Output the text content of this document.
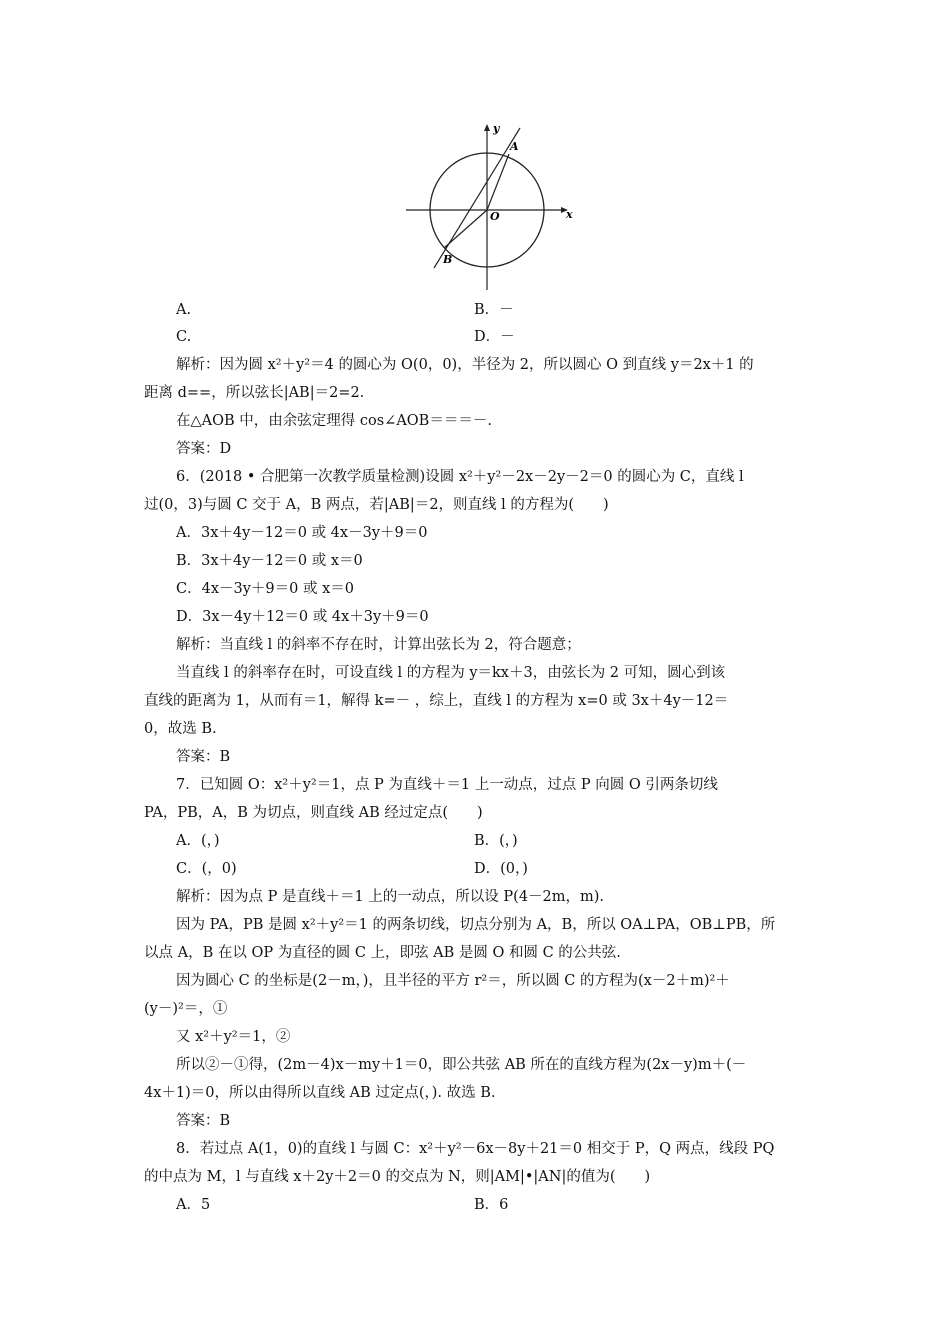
y
x
O
A
B
A.	B．－
C.	D．－
解析：因为圆 x²＋y²＝4 的圆心为 O(0，0)，半径为 2，所以圆心 O 到直线 y＝2x＋1 的
距离 d==，所以弦长|AB|＝2=2.
在△AOB 中，由余弦定理得 cos∠AOB＝＝＝－.
答案：D
6．(2018 • 合肥第一次教学质量检测)设圆 x²＋y²－2x－2y－2＝0 的圆心为 C，直线 l
过(0，3)与圆 C 交于 A，B 两点，若|AB|＝2，则直线 l 的方程为(　　)
A．3x＋4y－12＝0 或 4x－3y＋9＝0
B．3x＋4y－12＝0 或 x＝0
C．4x－3y＋9＝0 或 x＝0
D．3x－4y＋12＝0 或 4x＋3y＋9＝0
解析：当直线 l 的斜率不存在时，计算出弦长为 2，符合题意；
当直线 l 的斜率存在时，可设直线 l 的方程为 y＝kx＋3，由弦长为 2 可知，圆心到该
直线的距离为 1，从而有＝1，解得 k=－ ，综上，直线 l 的方程为 x=0 或 3x＋4y－12＝
0，故选 B.
答案：B
7．已知圆 O：x²＋y²＝1，点 P 为直线＋＝1 上一动点，过点 P 向圆 O 引两条切线
PA，PB，A，B 为切点，则直线 AB 经过定点(　　)
A．(，)	B．(，)
C．(，0)	D．(0，)
解析：因为点 P 是直线＋＝1 上的一动点，所以设 P(4－2m，m).
因为 PA，PB 是圆 x²＋y²＝1 的两条切线，切点分别为 A，B，所以 OA⊥PA，OB⊥PB，所
以点 A，B 在以 OP 为直径的圆 C 上，即弦 AB 是圆 O 和圆 C 的公共弦.
因为圆心 C 的坐标是(2－m，)，且半径的平方 r²＝，所以圆 C 的方程为(x－2＋m)²＋
(y－)²＝，①
又 x²＋y²＝1，②
所以②－①得，(2m－4)x－my＋1＝0，即公共弦 AB 所在的直线方程为(2x－y)m＋(－
4x＋1)＝0，所以由得所以直线 AB 过定点(，). 故选 B.
答案：B
8．若过点 A(1，0)的直线 l 与圆 C：x²＋y²－6x－8y＋21＝0 相交于 P，Q 两点，线段 PQ
的中点为 M，l 与直线 x＋2y＋2＝0 的交点为 N，则|AM|•|AN|的值为(　　)
A．5	B．6
